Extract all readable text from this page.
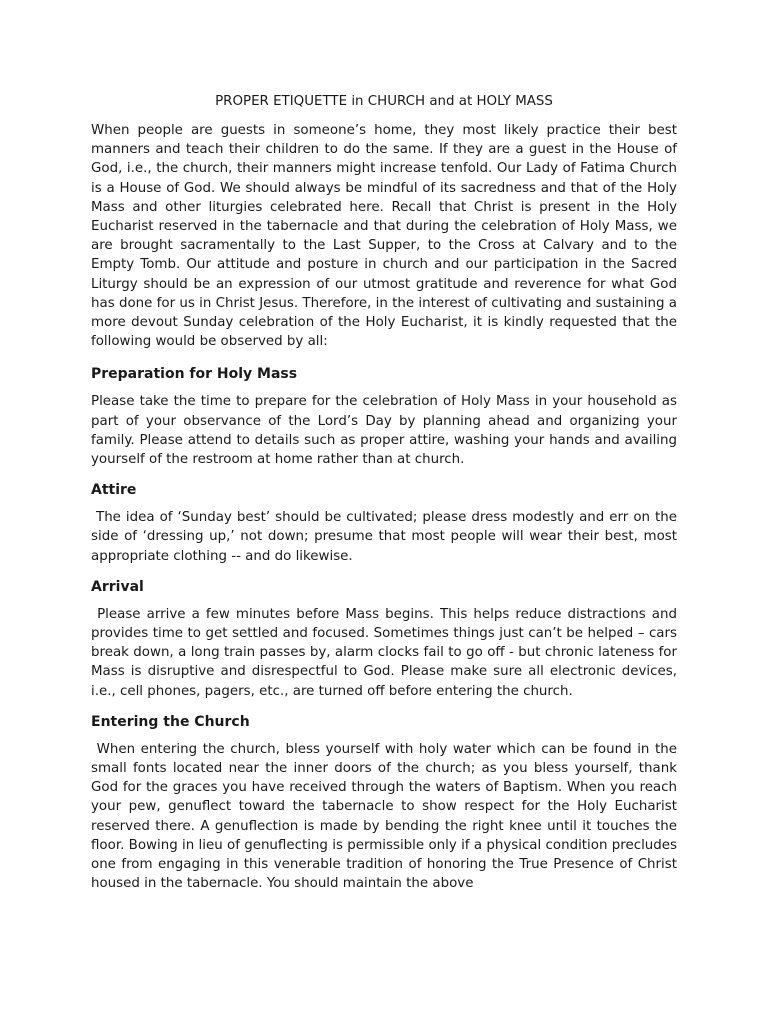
PROPER ETIQUETTE in CHURCH and at HOLY MASS

When people are guests in someone’s home, they most likely practice their best manners and teach their children to do the same. If they are a guest in the House of God, i.e., the church, their manners might increase tenfold. Our Lady of Fatima Church is a House of God. We should always be mindful of its sacredness and that of the Holy Mass and other liturgies celebrated here. Recall that Christ is present in the Holy Eucharist reserved in the tabernacle and that during the celebration of Holy Mass, we are brought sacramentally to the Last Supper, to the Cross at Calvary and to the Empty Tomb. Our attitude and posture in church and our participation in the Sacred Liturgy should be an expression of our utmost gratitude and reverence for what God has done for us in Christ Jesus. Therefore, in the interest of cultivating and sustaining a more devout Sunday celebration of the Holy Eucharist, it is kindly requested that the following would be observed by all:

Preparation for Holy Mass

Please take the time to prepare for the celebration of Holy Mass in your household as part of your observance of the Lord’s Day by planning ahead and organizing your family. Please attend to details such as proper attire, washing your hands and availing yourself of the restroom at home rather than at church.

Attire

The idea of ‘Sunday best’ should be cultivated; please dress modestly and err on the side of ‘dressing up,’ not down; presume that most people will wear their best, most appropriate clothing -- and do likewise.

Arrival

Please arrive a few minutes before Mass begins. This helps reduce distractions and provides time to get settled and focused. Sometimes things just can’t be helped – cars break down, a long train passes by, alarm clocks fail to go off - but chronic lateness for Mass is disruptive and disrespectful to God. Please make sure all electronic devices, i.e., cell phones, pagers, etc., are turned off before entering the church.

Entering the Church

When entering the church, bless yourself with holy water which can be found in the small fonts located near the inner doors of the church; as you bless yourself, thank God for the graces you have received through the waters of Baptism. When you reach your pew, genuflect toward the tabernacle to show respect for the Holy Eucharist reserved there. A genuflection is made by bending the right knee until it touches the floor. Bowing in lieu of genuflecting is permissible only if a physical condition precludes one from engaging in this venerable tradition of honoring the True Presence of Christ housed in the tabernacle. You should maintain the above
